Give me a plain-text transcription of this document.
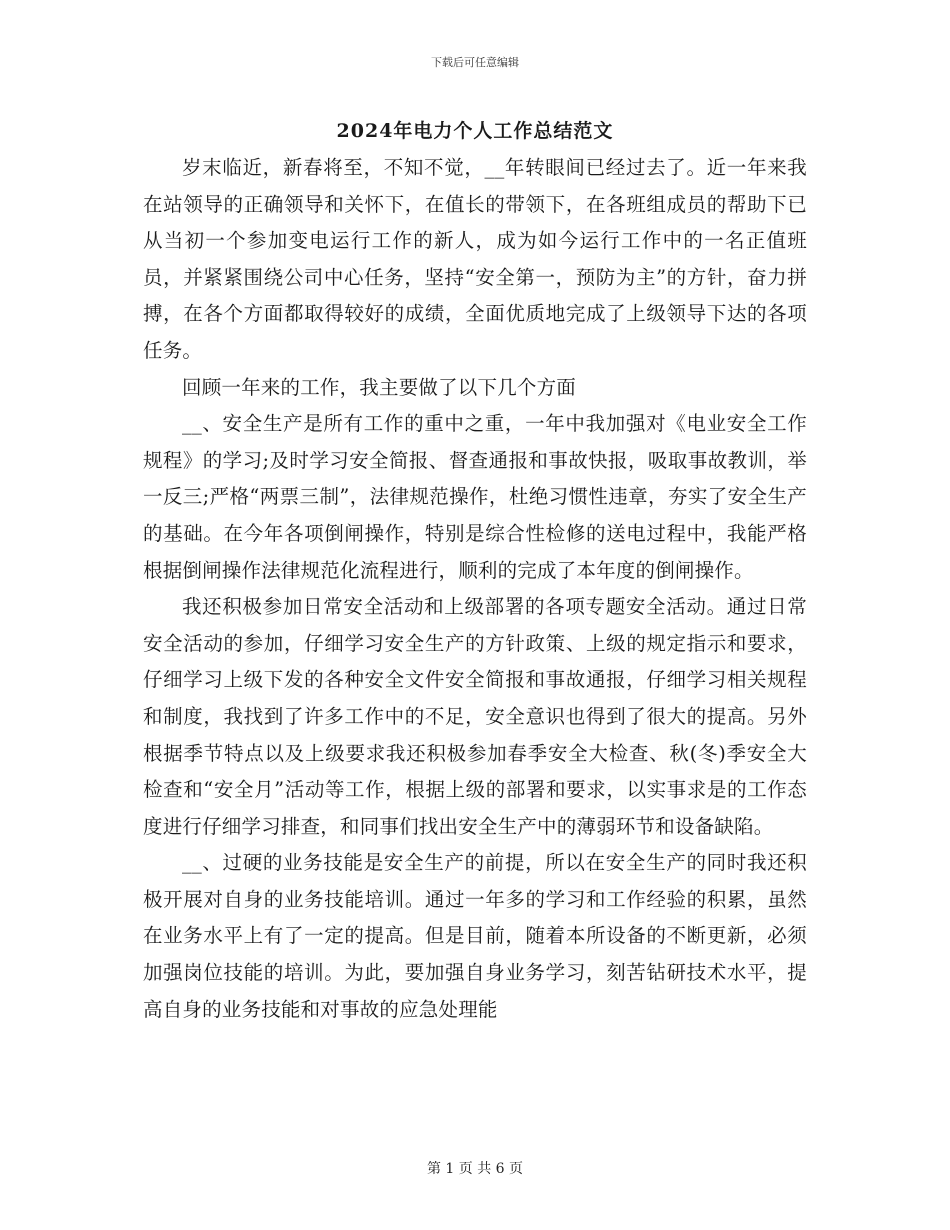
下载后可任意编辑
2024年电力个人工作总结范文

岁末临近，新春将至，不知不觉，__年转眼间已经过去了。近一年来我在站领导的正确领导和关怀下，在值长的带领下，在各班组成员的帮助下已从当初一个参加变电运行工作的新人，成为如今运行工作中的一名正值班员，并紧紧围绕公司中心任务，坚持“安全第一，预防为主”的方针，奋力拼搏，在各个方面都取得较好的成绩，全面优质地完成了上级领导下达的各项任务。

回顾一年来的工作，我主要做了以下几个方面

__、安全生产是所有工作的重中之重，一年中我加强对《电业安全工作规程》的学习;及时学习安全简报、督查通报和事故快报，吸取事故教训，举一反三;严格“两票三制”，法律规范操作，杜绝习惯性违章，夯实了安全生产的基础。在今年各项倒闸操作，特别是综合性检修的送电过程中，我能严格根据倒闸操作法律规范化流程进行，顺利的完成了本年度的倒闸操作。

我还积极参加日常安全活动和上级部署的各项专题安全活动。通过日常安全活动的参加，仔细学习安全生产的方针政策、上级的规定指示和要求，仔细学习上级下发的各种安全文件安全简报和事故通报，仔细学习相关规程和制度，我找到了许多工作中的不足，安全意识也得到了很大的提高。另外根据季节特点以及上级要求我还积极参加春季安全大检查、秋(冬)季安全大检查和“安全月”活动等工作，根据上级的部署和要求，以实事求是的工作态度进行仔细学习排查，和同事们找出安全生产中的薄弱环节和设备缺陷。

__、过硬的业务技能是安全生产的前提，所以在安全生产的同时我还积极开展对自身的业务技能培训。通过一年多的学习和工作经验的积累，虽然在业务水平上有了一定的提高。但是目前，随着本所设备的不断更新，必须加强岗位技能的培训。为此，要加强自身业务学习，刻苦钻研技术水平，提高自身的业务技能和对事故的应急处理能

第 1 页 共 6 页
